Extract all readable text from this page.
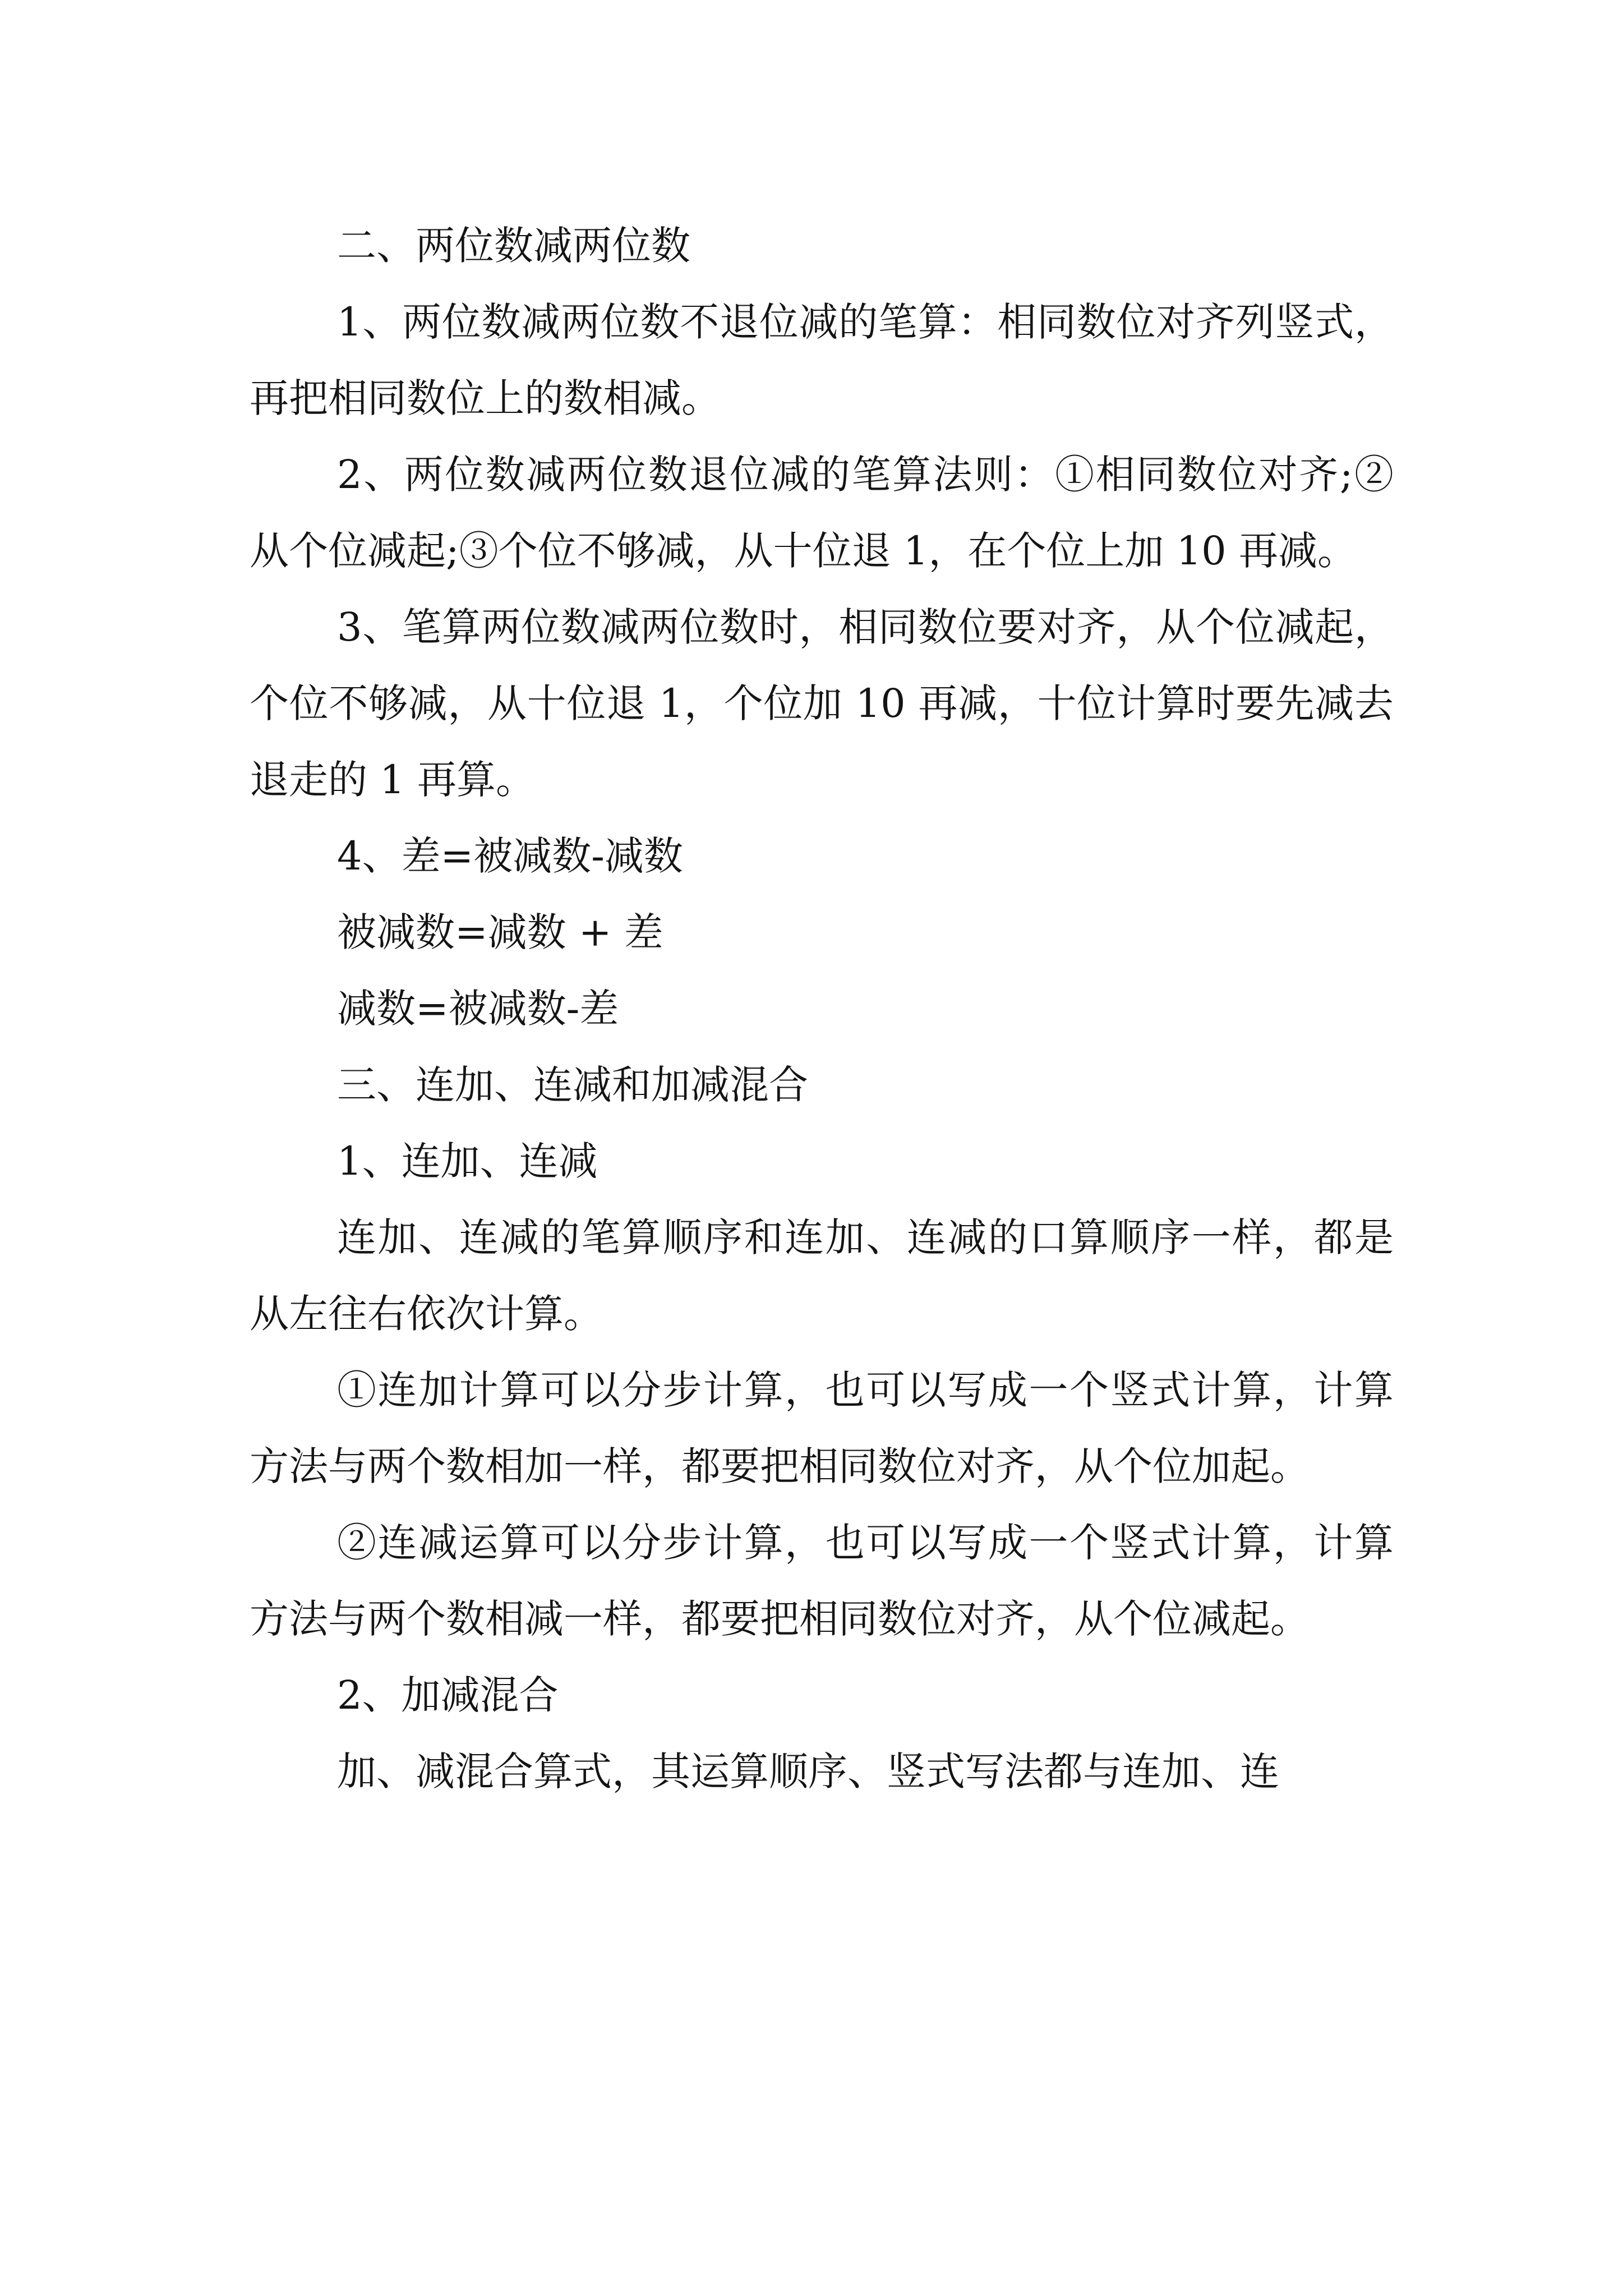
二、两位数减两位数

1、两位数减两位数不退位减的笔算：相同数位对齐列竖式，再把相同数位上的数相减。

2、两位数减两位数退位减的笔算法则：①相同数位对齐;②从个位减起;③个位不够减，从十位退 1，在个位上加 10 再减。

3、笔算两位数减两位数时，相同数位要对齐，从个位减起，个位不够减，从十位退 1，个位加 10 再减，十位计算时要先减去退走的 1 再算。

4、差=被减数-减数

被减数=减数 + 差

减数=被减数-差

三、连加、连减和加减混合

1、连加、连减

连加、连减的笔算顺序和连加、连减的口算顺序一样，都是从左往右依次计算。

①连加计算可以分步计算，也可以写成一个竖式计算，计算方法与两个数相加一样，都要把相同数位对齐，从个位加起。

②连减运算可以分步计算，也可以写成一个竖式计算，计算方法与两个数相减一样，都要把相同数位对齐，从个位减起。

2、加减混合

加、减混合算式，其运算顺序、竖式写法都与连加、连
